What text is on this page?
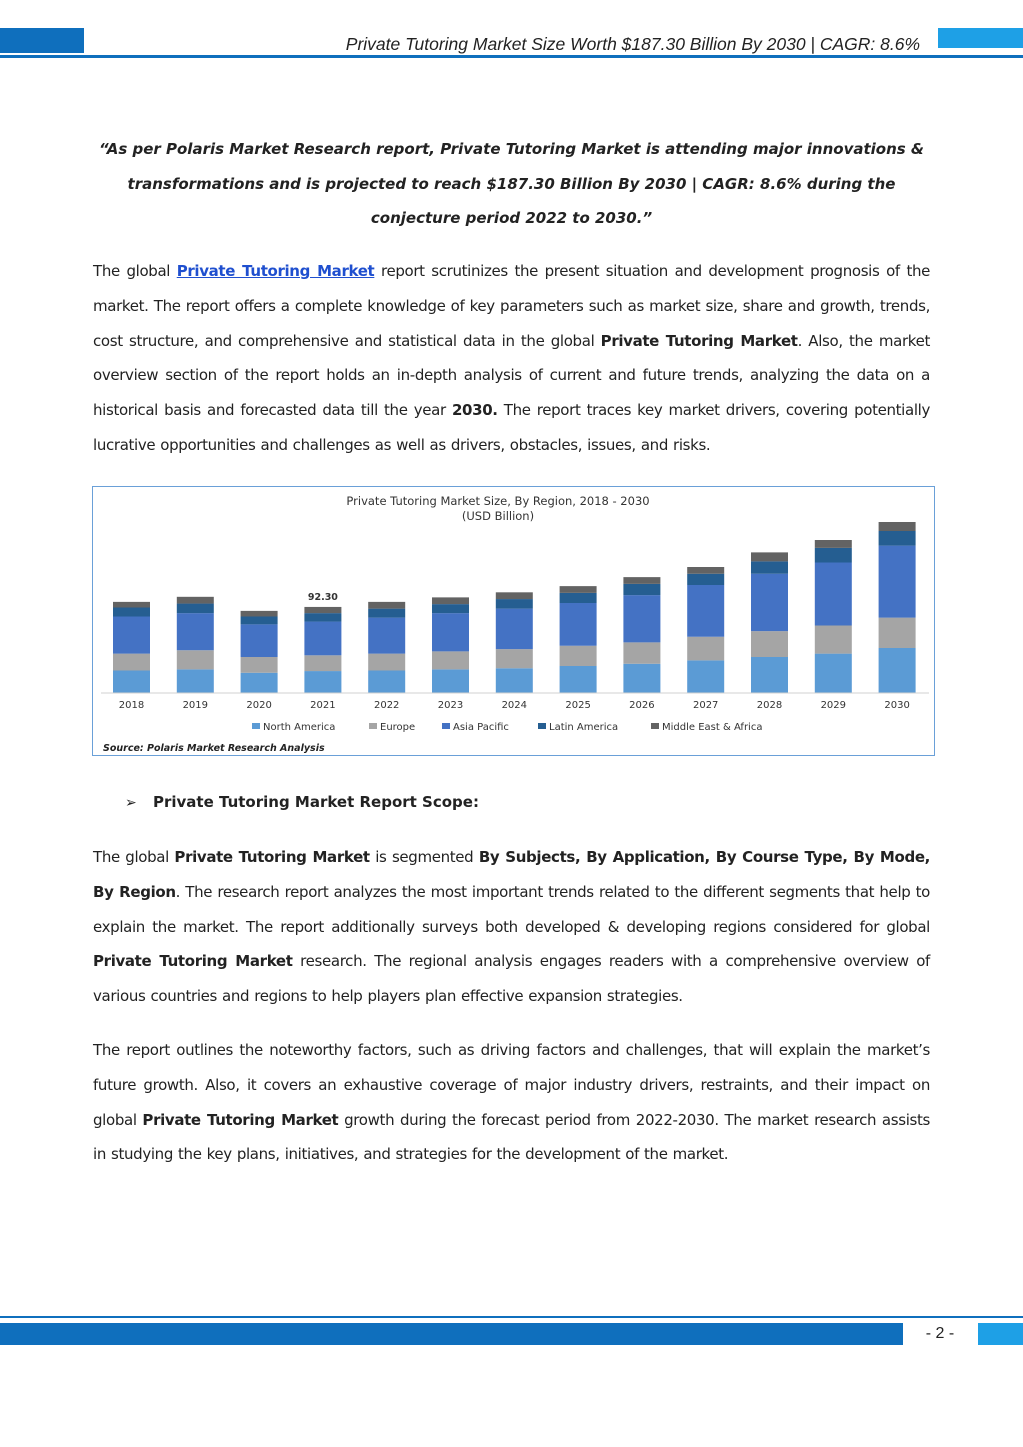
Private Tutoring Market Size Worth $187.30 Billion By 2030 | CAGR: 8.6%
“As per Polaris Market Research report, Private Tutoring Market is attending major innovations & transformations and is projected to reach $187.30 Billion By 2030 | CAGR: 8.6% during the conjecture period 2022 to 2030.”
The global Private Tutoring Market report scrutinizes the present situation and development prognosis of the market. The report offers a complete knowledge of key parameters such as market size, share and growth, trends, cost structure, and comprehensive and statistical data in the global Private Tutoring Market. Also, the market overview section of the report holds an in-depth analysis of current and future trends, analyzing the data on a historical basis and forecasted data till the year 2030. The report traces key market drivers, covering potentially lucrative opportunities and challenges as well as drivers, obstacles, issues, and risks.
Private Tutoring Market Size, By Region, 2018 - 2030
(USD Billion)
92.30
2018	2019	2020	2021	2022	2023	2024	2025	2026	2027	2028	2029	2030
North America	Europe	Asia Pacific	Latin America	Middle East & Africa
Source: Polaris Market Research Analysis
➢ Private Tutoring Market Report Scope:
The global Private Tutoring Market is segmented By Subjects, By Application, By Course Type, By Mode, By Region. The research report analyzes the most important trends related to the different segments that help to explain the market. The report additionally surveys both developed & developing regions considered for global Private Tutoring Market research. The regional analysis engages readers with a comprehensive overview of various countries and regions to help players plan effective expansion strategies.
The report outlines the noteworthy factors, such as driving factors and challenges, that will explain the market’s future growth. Also, it covers an exhaustive coverage of major industry drivers, restraints, and their impact on global Private Tutoring Market growth during the forecast period from 2022-2030. The market research assists in studying the key plans, initiatives, and strategies for the development of the market.
- 2 -
